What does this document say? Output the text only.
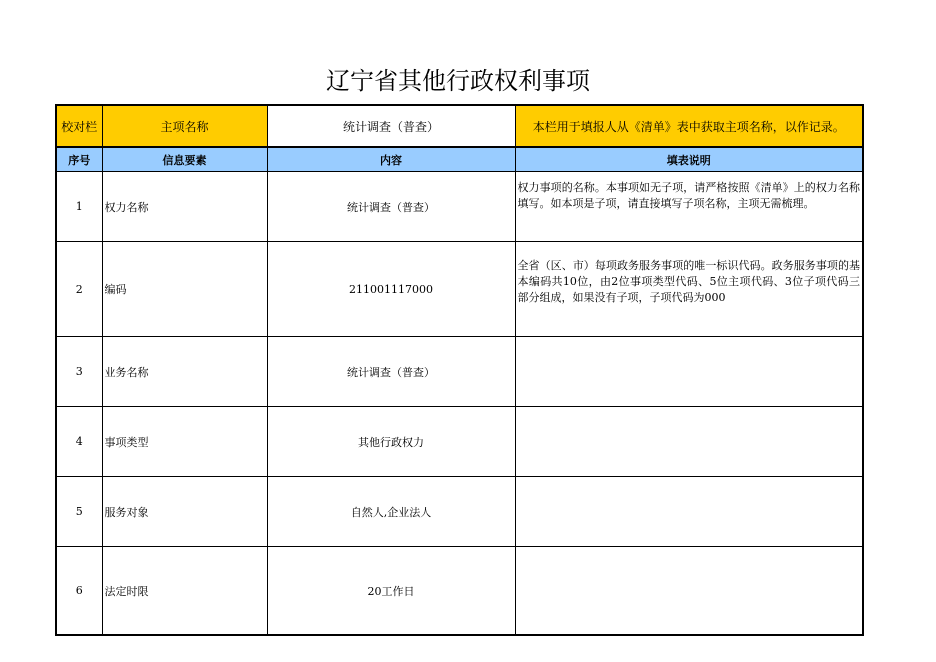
辽宁省其他行政权利事项
校对栏	主项名称	统计调查（普查）	本栏用于填报人从《清单》表中获取主项名称，以作记录。
序号	信息要素	内容	填表说明
1	权力名称	统计调查（普查）	权力事项的名称。本事项如无子项，请严格按照《清单》上的权力名称填写。如本项是子项，请直接填写子项名称，主项无需梳理。
2	编码	211001117000	全省（区、市）每项政务服务事项的唯一标识代码。政务服务事项的基本编码共10位，由2位事项类型代码、5位主项代码、3位子项代码三部分组成，如果没有子项，子项代码为000
3	业务名称	统计调查（普查）	
4	事项类型	其他行政权力	
5	服务对象	自然人,企业法人	
6	法定时限	20工作日	
